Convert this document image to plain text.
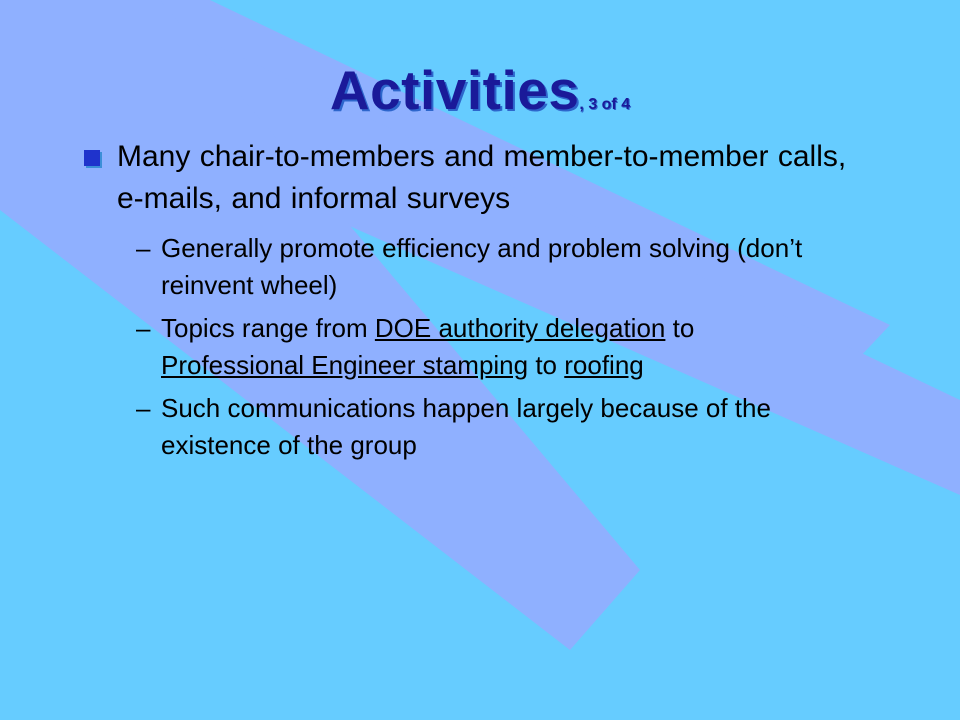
Activities, 3 of 4
Many chair-to-members and member-to-member calls, e-mails, and informal surveys
– Generally promote efficiency and problem solving (don’t reinvent wheel)
– Topics range from DOE authority delegation to Professional Engineer stamping to roofing
– Such communications happen largely because of the existence of the group
